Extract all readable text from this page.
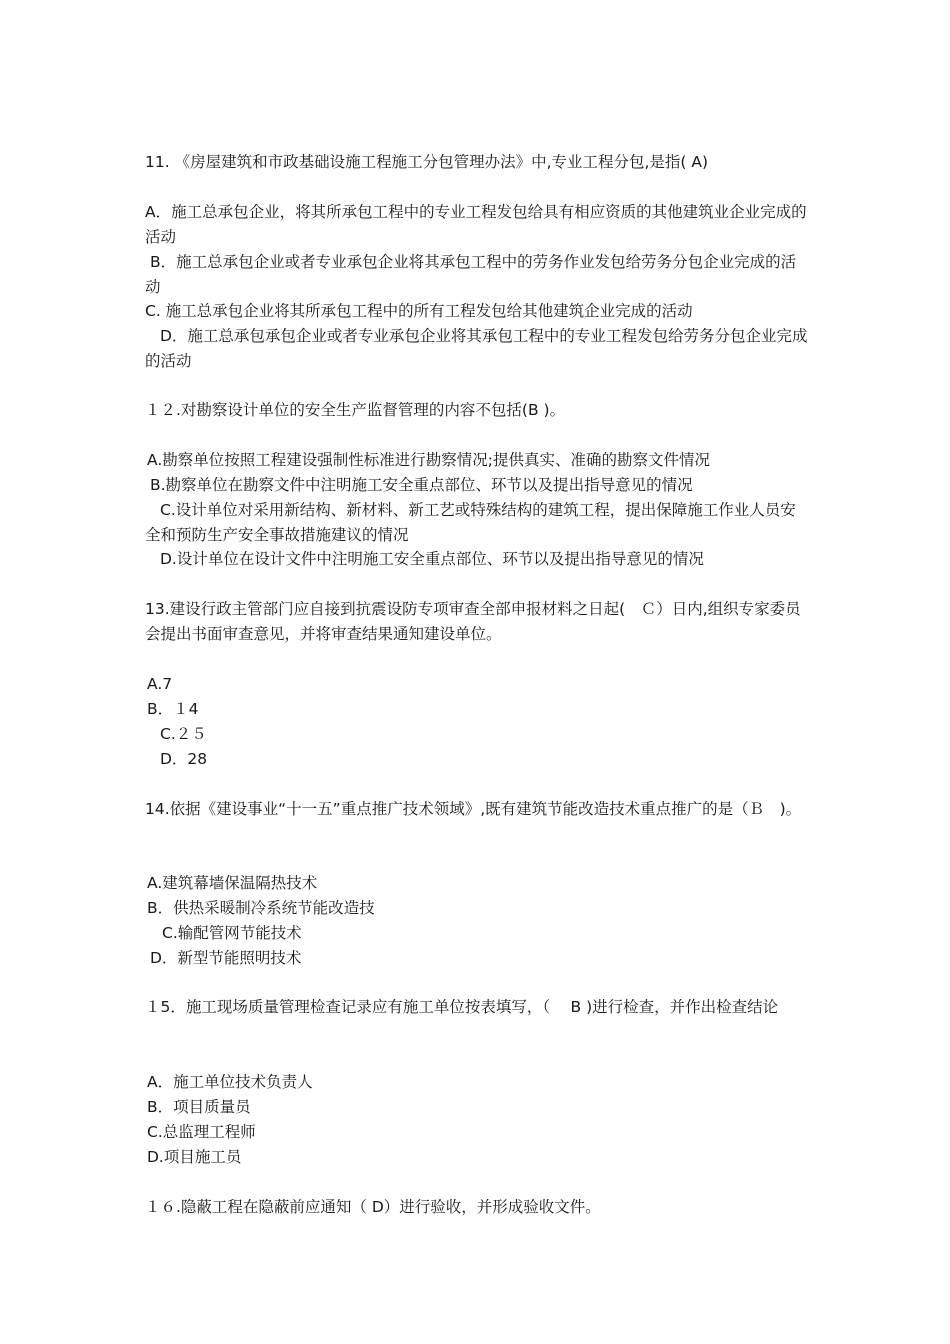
11. 《房屋建筑和市政基础设施工程施工分包管理办法》中,专业工程分包,是指( A)

A．施工总承包企业，将其所承包工程中的专业工程发包给具有相应资质的其他建筑业企业完成的活动

B．施工总承包企业或者专业承包企业将其承包工程中的劳务作业发包给劳务分包企业完成的活动

C. 施工总承包企业将其所承包工程中的所有工程发包给其他建筑企业完成的活动

D．施工总承包承包企业或者专业承包企业将其承包工程中的专业工程发包给劳务分包企业完成的活动

１２.对勘察设计单位的安全生产监督管理的内容不包括(B )。

A.勘察单位按照工程建设强制性标准进行勘察情况;提供真实、准确的勘察文件情况

B.勘察单位在勘察文件中注明施工安全重点部位、环节以及提出指导意见的情况

C.设计单位对采用新结构、新材料、新工艺或特殊结构的建筑工程，提出保障施工作业人员安全和预防生产安全事故措施建议的情况

D.设计单位在设计文件中注明施工安全重点部位、环节以及提出指导意见的情况

13.建设行政主管部门应自接到抗震设防专项审查全部申报材料之日起(　Ｃ）日内,组织专家委员会提出书面审查意见，并将审查结果通知建设单位。

A.7

B．１4

C.２５

D．28

14.依据《建设事业“十一五”重点推广技术领域》,既有建筑节能改造技术重点推广的是（Ｂ　)。

A.建筑幕墙保温隔热技术

B．供热采暖制冷系统节能改造技

C.输配管网节能技术

D．新型节能照明技术

１5．施工现场质量管理检查记录应有施工单位按表填写，（　 B )进行检查，并作出检查结论

A．施工单位技术负责人

B．项目质量员

C.总监理工程师

D.项目施工员

１６.隐蔽工程在隐蔽前应通知（ D）进行验收，并形成验收文件。
